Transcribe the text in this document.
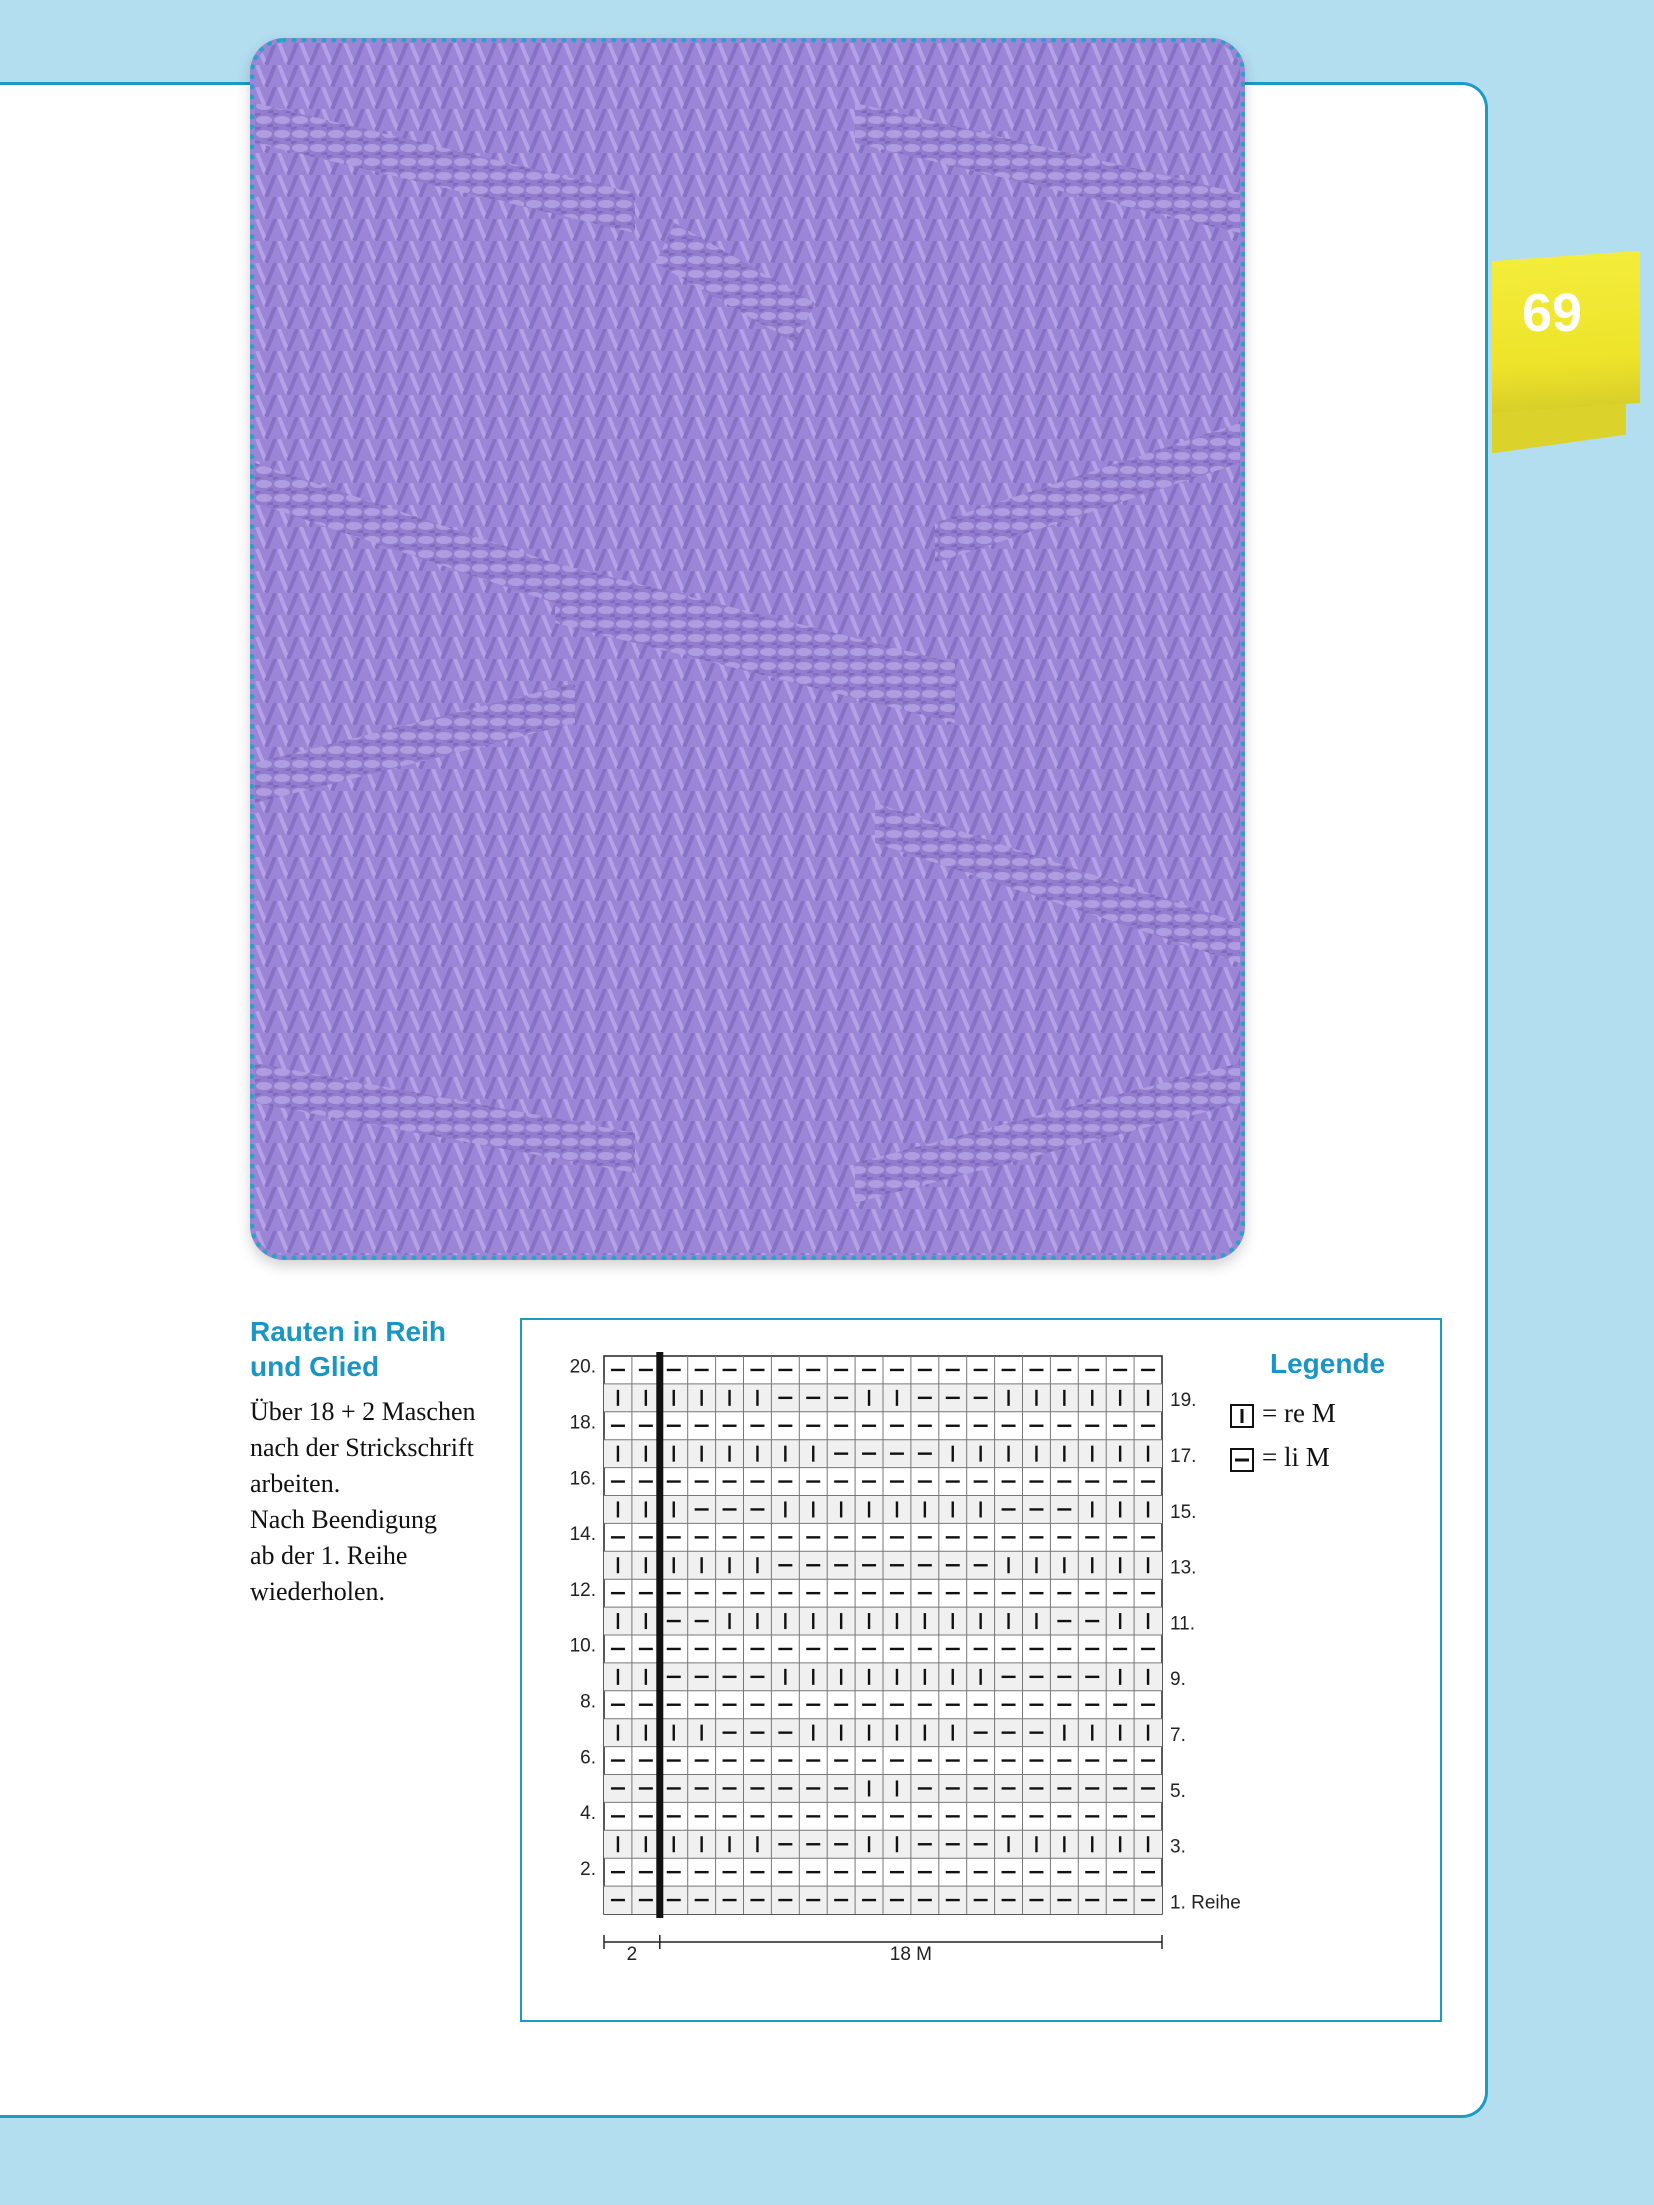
69
Rauten in Reih und Glied
Über 18 + 2 Maschen
nach der Strickschrift
arbeiten.
Nach Beendigung
ab der 1. Reihe
wiederholen.
20.
18.
16.
14.
12.
10.
8.
6.
4.
2.
19.
17.
15.
13.
11.
9.
7.
5.
3.
1. Reihe
2	18 M
Legende
= re M
= li M
